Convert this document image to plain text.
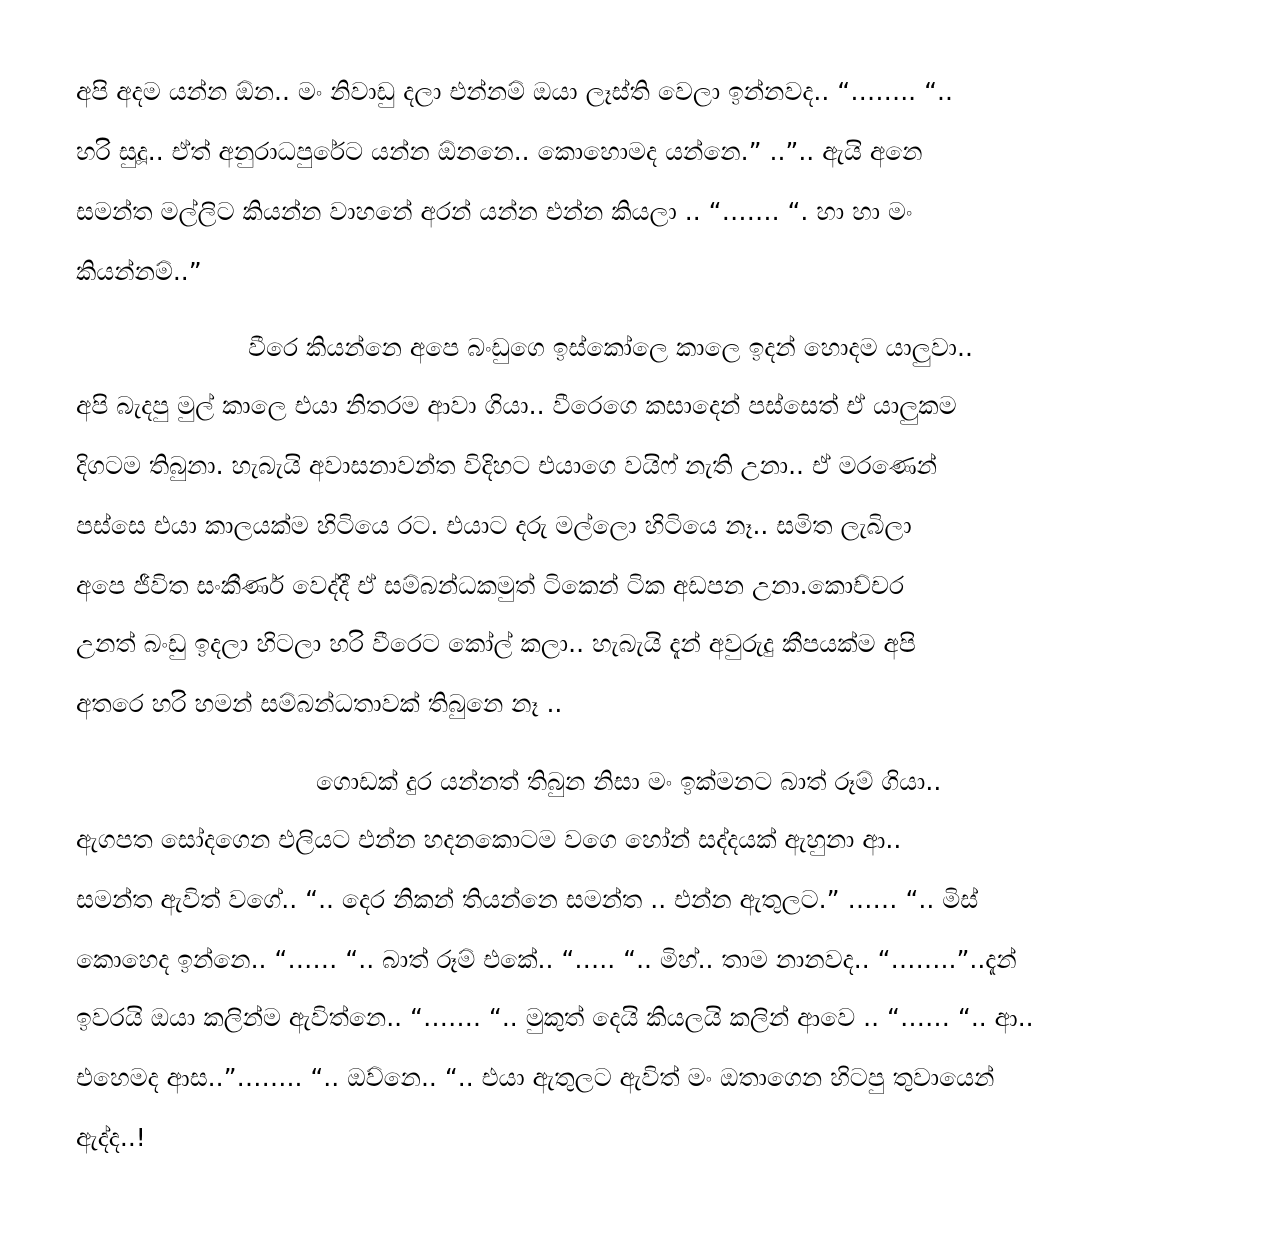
අපි අදම යන්න ඕන.. මං නිවාඩු දලා එන්නම් ඔයා ලෑස්ති වෙලා ඉන්නවද.. “…….. “..
හරි සුදූ.. ඒත් අනුරාධපුරේට යන්න ඕනනෙ.. කොහොමද යන්නෙ.” ..”.. ඇයි අනෙ
සමන්ත මල්ලිට කියන්න වාහනේ අරන් යන්න එන්න කියලා .. “……. “. හා හා මං
කියන්නම්..”
වීරෙ කියන්නෙ අපෙ බංඩුගෙ ඉස්කෝලෙ කාලෙ ඉදන් හොදම යාලුවා..
අපි බැදපු මුල් කාලෙ එයා නිතරම ආවා ගියා.. වීරෙගෙ කසාදෙන් පස්සෙත් ඒ යාලුකම
දිගටම තිබුනා. හැබැයි අවාසනාවන්ත විදිහට එයාගෙ වයිෆ් නැති උනා.. ඒ මරණෙන්
පස්සෙ එයා කාලයක්ම හිටියෙ රට. එයාට දරු මල්ලො හිටියෙ නෑ.. සමිත ලැබිලා
අපෙ ජීවිත සංකීර්ණ වෙද්දී ඒ සම්බන්ධකමුත් ටිකෙන් ටික අඩපන උනා.කොච්චර
උනත් බංඩු ඉදලා හිටලා හරි වීරෙට කෝල් කලා.. හැබැයි දැන් අවුරුදු කීපයක්ම අපි
අතරෙ හරි හමන් සම්බන්ධතාවක් තිබුනෙ නෑ ..
ගොඩක් දුර යන්නත් තිබුන නිසා මං ඉක්මනට බාත් රූම් ගියා..
ඇගපත සෝදගෙන එලියට එන්න හදනකොටම වගෙ හෝන් සද්දයක් ඇහුනා ආ..
සමන්ත ඇවිත් වගේ.. “.. දෙර නිකන් තියන්නෙ සමන්ත .. එන්න ඇතුලට.” …… “.. මිස්
කොහෙද ඉන්නෙ.. “…… “.. බාත් රූම් එකේ.. “….. “.. මිහ්.. තාම නානවද.. “……..”..දැන්
ඉවරයි ඔයා කලින්ම ඇවිත්නෙ.. “……. “.. මුකුත් දෙයි කියලයි කලින් ආවෙ .. “…… “.. ආ..
එහෙමද ආස..”…….. “.. ඔව්නෙ.. “.. එයා ඇතුලට ඇවිත් මං ඔතාගෙන හිටපු තුවායෙන්
ඇද්ද..!
